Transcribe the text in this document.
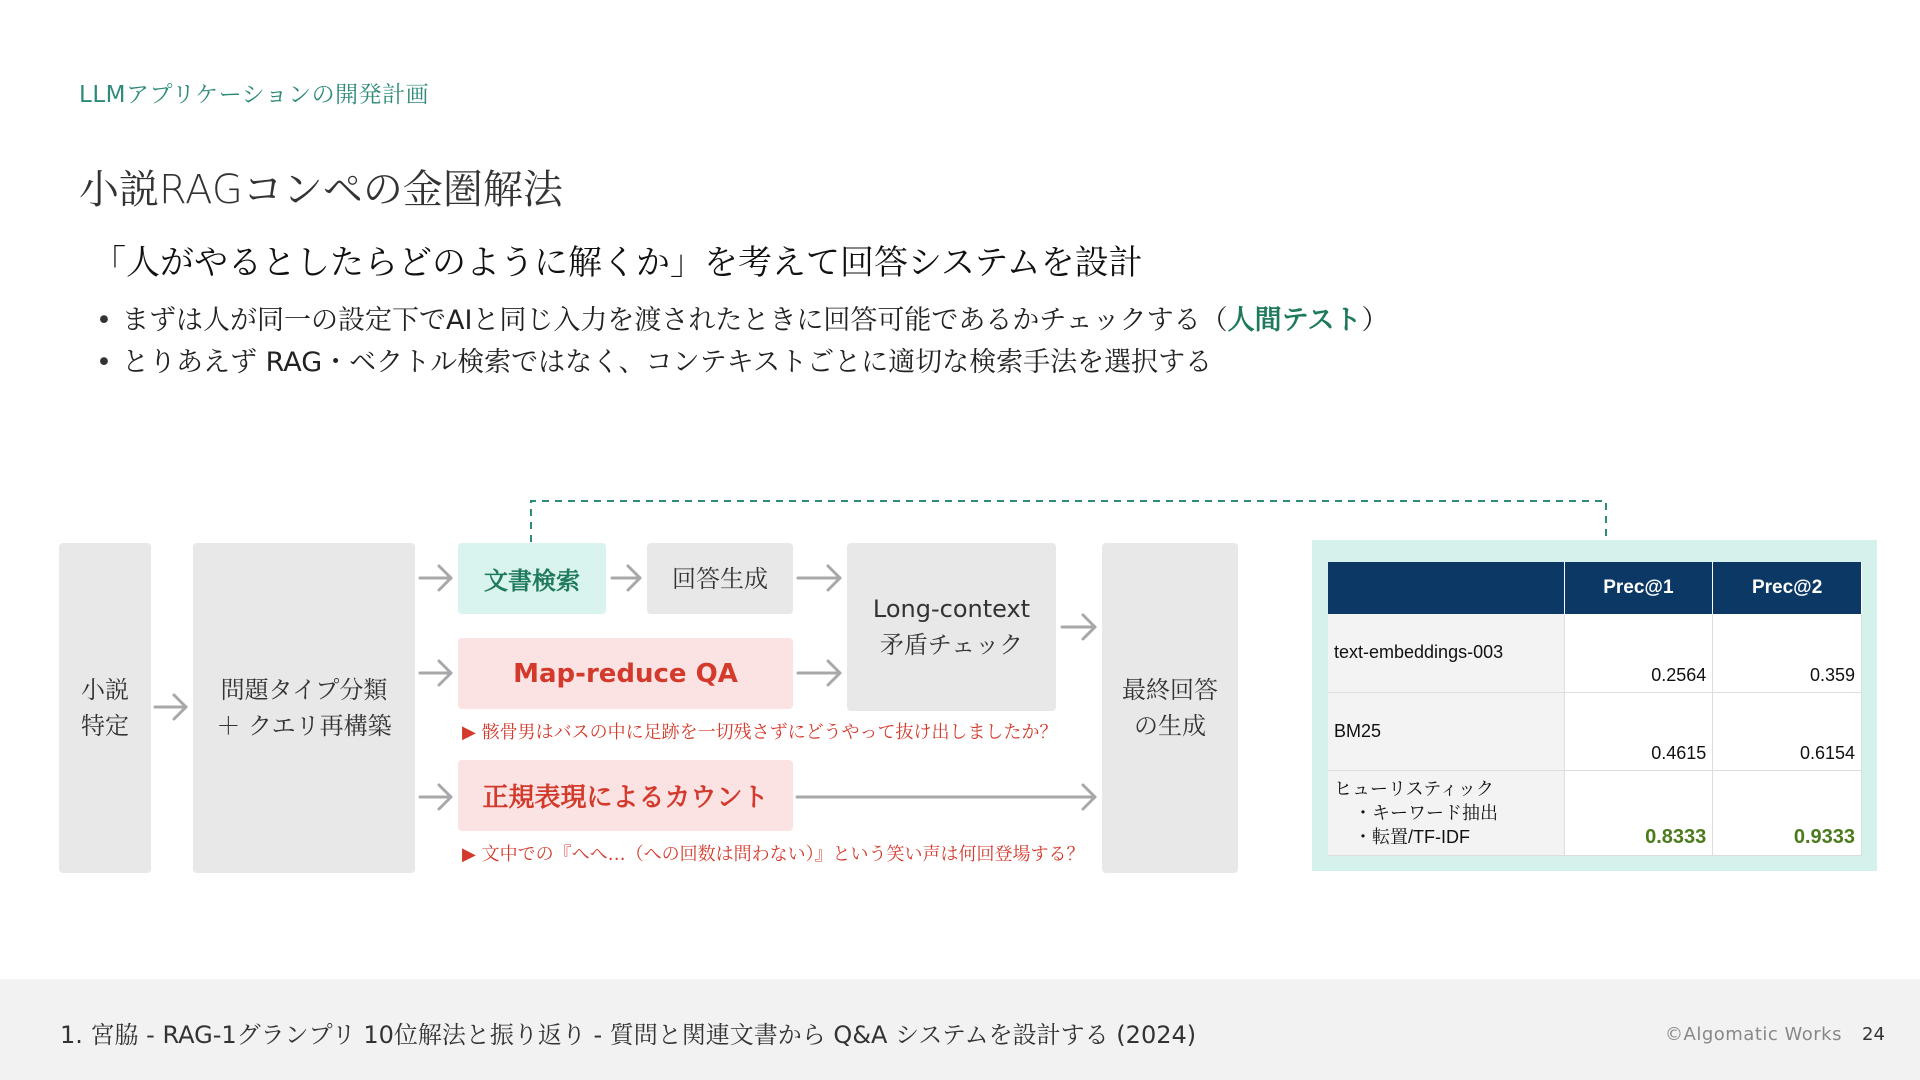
LLMアプリケーションの開発計画
小説RAGコンペの金圏解法
「人がやるとしたらどのように解くか」を考えて回答システムを設計
• まずは人が同一の設定下でAIと同じ入力を渡されたときに回答可能であるかチェックする（人間テスト）
• とりあえず RAG・ベクトル検索ではなく、コンテキストごとに適切な検索手法を選択する
小説
特定
問題タイプ分類
＋ クエリ再構築
文書検索	回答生成
Map-reduce QA
▶ 骸骨男はバスの中に足跡を一切残さずにどうやって抜け出しましたか？
正規表現によるカウント
▶ 文中での『へへ…（への回数は問わない）』という笑い声は何回登場する？
Long-context
矛盾チェック
最終回答
の生成
	Prec@1	Prec@2
text-embeddings-003	0.2564	0.359
BM25	0.4615	0.6154

ヒューリスティック
・キーワード抽出
・転置/TF-IDF	0.8333	0.9333
1. 宮脇 - RAG-1グランプリ 10位解法と振り返り - 質問と関連文書から Q&A システムを設計する (2024)	©Algomatic Works 24
